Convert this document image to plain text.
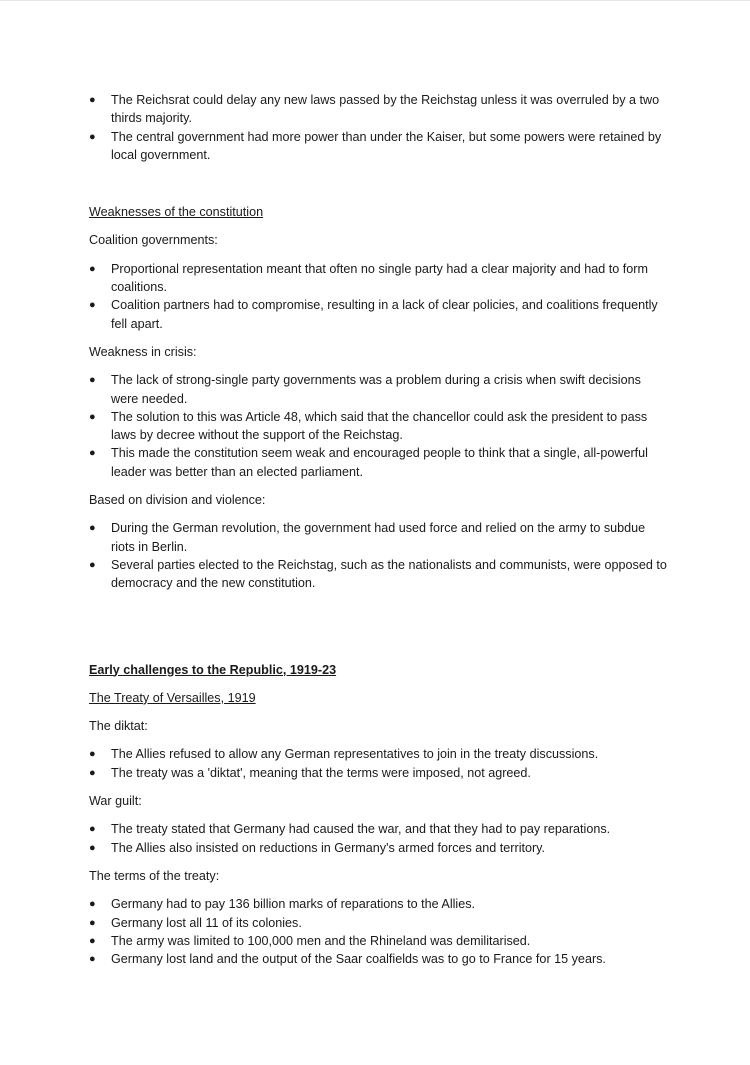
●	The Reichsrat could delay any new laws passed by the Reichstag unless it was overruled by a two thirds majority.
●	The central government had more power than under the Kaiser, but some powers were retained by local government.

Weaknesses of the constitution

Coalition governments:

●	Proportional representation meant that often no single party had a clear majority and had to form coalitions.
●	Coalition partners had to compromise, resulting in a lack of clear policies, and coalitions frequently fell apart.

Weakness in crisis:

●	The lack of strong-single party governments was a problem during a crisis when swift decisions were needed.
●	The solution to this was Article 48, which said that the chancellor could ask the president to pass laws by decree without the support of the Reichstag.
●	This made the constitution seem weak and encouraged people to think that a single, all-powerful leader was better than an elected parliament.

Based on division and violence:

●	During the German revolution, the government had used force and relied on the army to subdue riots in Berlin.
●	Several parties elected to the Reichstag, such as the nationalists and communists, were opposed to democracy and the new constitution.

Early challenges to the Republic, 1919-23

The Treaty of Versailles, 1919

The diktat:

●	The Allies refused to allow any German representatives to join in the treaty discussions.
●	The treaty was a 'diktat', meaning that the terms were imposed, not agreed.

War guilt:

●	The treaty stated that Germany had caused the war, and that they had to pay reparations.
●	The Allies also insisted on reductions in Germany's armed forces and territory.

The terms of the treaty:

●	Germany had to pay 136 billion marks of reparations to the Allies.
●	Germany lost all 11 of its colonies.
●	The army was limited to 100,000 men and the Rhineland was demilitarised.
●	Germany lost land and the output of the Saar coalfields was to go to France for 15 years.
